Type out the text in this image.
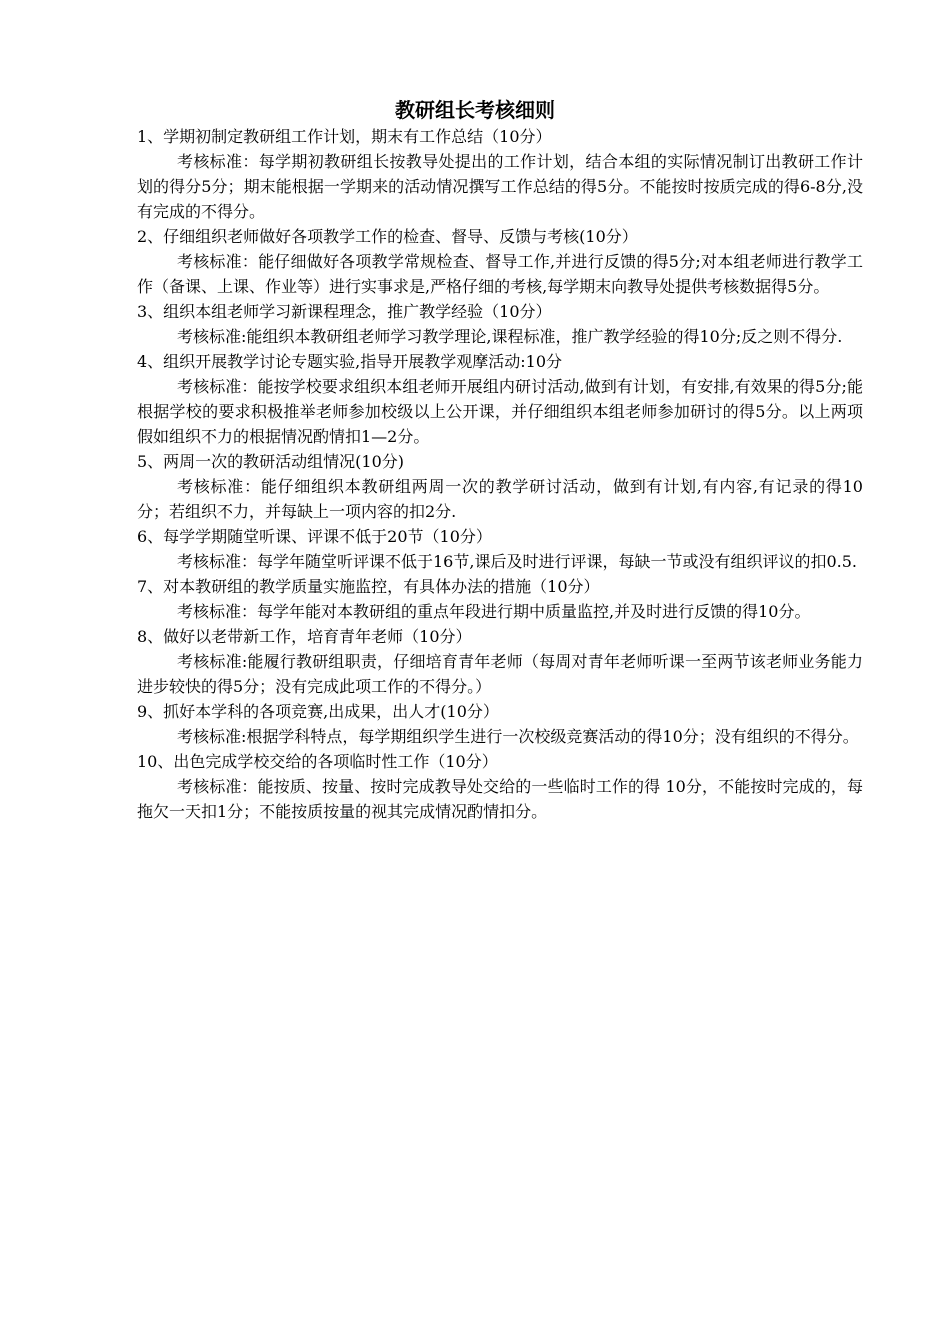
教研组长考核细则

1、学期初制定教研组工作计划，期末有工作总结（10分）

考核标准：每学期初教研组长按教导处提出的工作计划，结合本组的实际情况制订出教研工作计划的得分5分；期末能根据一学期来的活动情况撰写工作总结的得5分。不能按时按质完成的得6-8分,没有完成的不得分。

2、仔细组织老师做好各项教学工作的检查、督导、反馈与考核(10分）

考核标准：能仔细做好各项教学常规检查、督导工作,并进行反馈的得5分;对本组老师进行教学工作（备课、上课、作业等）进行实事求是,严格仔细的考核,每学期末向教导处提供考核数据得5分。

3、组织本组老师学习新课程理念，推广教学经验（10分）

考核标准:能组织本教研组老师学习教学理论,课程标准，推广教学经验的得10分;反之则不得分.

4、组织开展教学讨论专题实验,指导开展教学观摩活动:10分

考核标准：能按学校要求组织本组老师开展组内研讨活动,做到有计划，有安排,有效果的得5分;能根据学校的要求积极推举老师参加校级以上公开课，并仔细组织本组老师参加研讨的得5分。以上两项假如组织不力的根据情况酌情扣1—2分。

5、两周一次的教研活动组情况(10分)

考核标准：能仔细组织本教研组两周一次的教学研讨活动，做到有计划,有内容,有记录的得10分；若组织不力，并每缺上一项内容的扣2分.

6、每学学期随堂听课、评课不低于20节（10分）

考核标准：每学年随堂听评课不低于16节,课后及时进行评课，每缺一节或没有组织评议的扣0.5.

7、对本教研组的教学质量实施监控，有具体办法的措施（10分）

考核标准：每学年能对本教研组的重点年段进行期中质量监控,并及时进行反馈的得10分。

8、做好以老带新工作，培育青年老师（10分）

考核标准:能履行教研组职责，仔细培育青年老师（每周对青年老师听课一至两节该老师业务能力进步较快的得5分；没有完成此项工作的不得分。）

9、抓好本学科的各项竞赛,出成果，出人才(10分）

考核标准:根据学科特点，每学期组织学生进行一次校级竞赛活动的得10分；没有组织的不得分。

10、出色完成学校交给的各项临时性工作（10分）

考核标准：能按质、按量、按时完成教导处交给的一些临时工作的得 10分，不能按时完成的，每拖欠一天扣1分；不能按质按量的视其完成情况酌情扣分。
